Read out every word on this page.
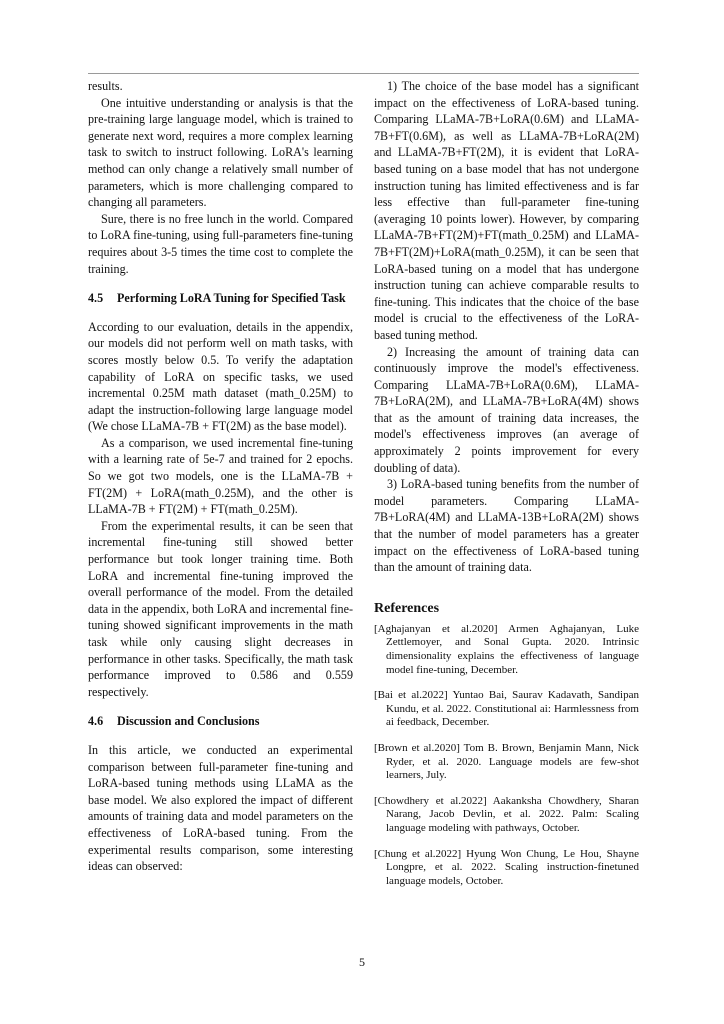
results.

One intuitive understanding or analysis is that the pre-training large language model, which is trained to generate next word, requires a more complex learning task to switch to instruct following. LoRA's learning method can only change a relatively small number of parameters, which is more challenging compared to changing all parameters.

Sure, there is no free lunch in the world. Compared to LoRA fine-tuning, using full-parameters fine-tuning requires about 3-5 times the time cost to complete the training.

4.5	Performing LoRA Tuning for Specified Task

According to our evaluation, details in the appendix, our models did not perform well on math tasks, with scores mostly below 0.5. To verify the adaptation capability of LoRA on specific tasks, we used incremental 0.25M math dataset (math_0.25M) to adapt the instruction-following large language model (We chose LLaMA-7B + FT(2M) as the base model).

As a comparison, we used incremental fine-tuning with a learning rate of 5e-7 and trained for 2 epochs. So we got two models, one is the LLaMA-7B + FT(2M) + LoRA(math_0.25M), and the other is LLaMA-7B + FT(2M) + FT(math_0.25M).

From the experimental results, it can be seen that incremental fine-tuning still showed better performance but took longer training time. Both LoRA and incremental fine-tuning improved the overall performance of the model. From the detailed data in the appendix, both LoRA and incremental fine-tuning showed significant improvements in the math task while only causing slight decreases in performance in other tasks. Specifically, the math task performance improved to 0.586 and 0.559 respectively.

4.6	Discussion and Conclusions

In this article, we conducted an experimental comparison between full-parameter fine-tuning and LoRA-based tuning methods using LLaMA as the base model. We also explored the impact of different amounts of training data and model parameters on the effectiveness of LoRA-based tuning. From the experimental results comparison, some interesting ideas can observed:

1) The choice of the base model has a significant impact on the effectiveness of LoRA-based tuning. Comparing LLaMA-7B+LoRA(0.6M) and LLaMA-7B+FT(0.6M), as well as LLaMA-7B+LoRA(2M) and LLaMA-7B+FT(2M), it is evident that LoRA-based tuning on a base model that has not undergone instruction tuning has limited effectiveness and is far less effective than full-parameter fine-tuning (averaging 10 points lower). However, by comparing LLaMA-7B+FT(2M)+FT(math_0.25M) and LLaMA-7B+FT(2M)+LoRA(math_0.25M), it can be seen that LoRA-based tuning on a model that has undergone instruction tuning can achieve comparable results to fine-tuning. This indicates that the choice of the base model is crucial to the effectiveness of the LoRA-based tuning method.

2) Increasing the amount of training data can continuously improve the model's effectiveness. Comparing LLaMA-7B+LoRA(0.6M), LLaMA-7B+LoRA(2M), and LLaMA-7B+LoRA(4M) shows that as the amount of training data increases, the model's effectiveness improves (an average of approximately 2 points improvement for every doubling of data).

3) LoRA-based tuning benefits from the number of model parameters. Comparing LLaMA-7B+LoRA(4M) and LLaMA-13B+LoRA(2M) shows that the number of model parameters has a greater impact on the effectiveness of LoRA-based tuning than the amount of training data.

References

[Aghajanyan et al.2020] Armen Aghajanyan, Luke Zettlemoyer, and Sonal Gupta. 2020. Intrinsic dimensionality explains the effectiveness of language model fine-tuning, December.

[Bai et al.2022] Yuntao Bai, Saurav Kadavath, Sandipan Kundu, et al. 2022. Constitutional ai: Harmlessness from ai feedback, December.

[Brown et al.2020] Tom B. Brown, Benjamin Mann, Nick Ryder, et al. 2020. Language models are few-shot learners, July.

[Chowdhery et al.2022] Aakanksha Chowdhery, Sharan Narang, Jacob Devlin, et al. 2022. Palm: Scaling language modeling with pathways, October.

[Chung et al.2022] Hyung Won Chung, Le Hou, Shayne Longpre, et al. 2022. Scaling instruction-finetuned language models, October.

5
